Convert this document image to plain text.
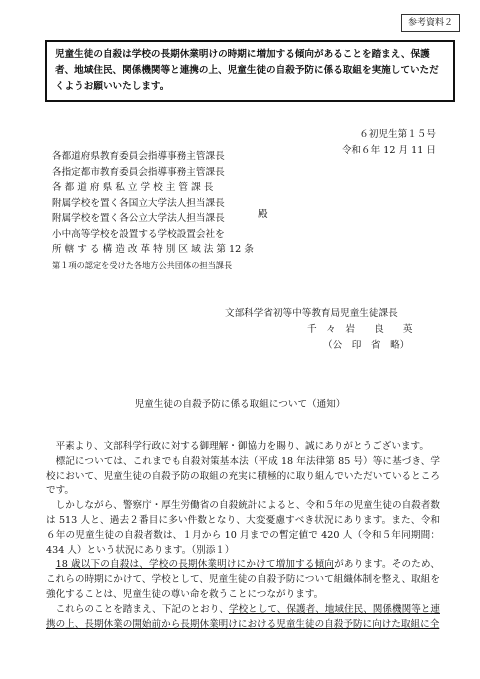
参考資料２
児童生徒の自殺は学校の長期休業明けの時期に増加する傾向があることを踏まえ、保護者、地域住民、関係機関等と連携の上、児童生徒の自殺予防に係る取組を実施していただくようお願いいたします。
６初児生第１５号
令和６年 12 月 11 日
各都道府県教育委員会指導事務主管課長
各指定都市教育委員会指導事務主管課長
各 都 道 府 県 私 立 学 校 主 管 課 長
附属学校を置く各国立大学法人担当課長
附属学校を置く各公立大学法人担当課長
小中高等学校を設置する学校設置会社を
所 轄 す る 構 造 改 革 特 別 区 域 法 第 12 条
第１項の認定を受けた各地方公共団体の担当課長
殿
文部科学省初等中等教育局児童生徒課長
千　々　岩　　良　　英
（公　印　省　略）
児童生徒の自殺予防に係る取組について（通知）

平素より、文部科学行政に対する御理解・御協力を賜り、誠にありがとうございます。

標記については、これまでも自殺対策基本法（平成 18 年法律第 85 号）等に基づき、学校において、児童生徒の自殺予防の取組の充実に積極的に取り組んでいただいているところです。

しかしながら、警察庁・厚生労働省の自殺統計によると、令和５年の児童生徒の自殺者数は 513 人と、過去２番目に多い件数となり、大変憂慮すべき状況にあります。また、令和６年の児童生徒の自殺者数は、１月から 10 月までの暫定値で 420 人（令和５年同期間：434 人）という状況にあります。（別添１）

18 歳以下の自殺は、学校の長期休業明けにかけて増加する傾向があります。そのため、これらの時期にかけて、学校として、児童生徒の自殺予防について組織体制を整え、取組を強化することは、児童生徒の尊い命を救うことにつながります。

これらのことを踏まえ、下記のとおり、学校として、保護者、地域住民、関係機関等と連携の上、長期休業の開始前から長期休業明けにおける児童生徒の自殺予防に向けた取組に全
